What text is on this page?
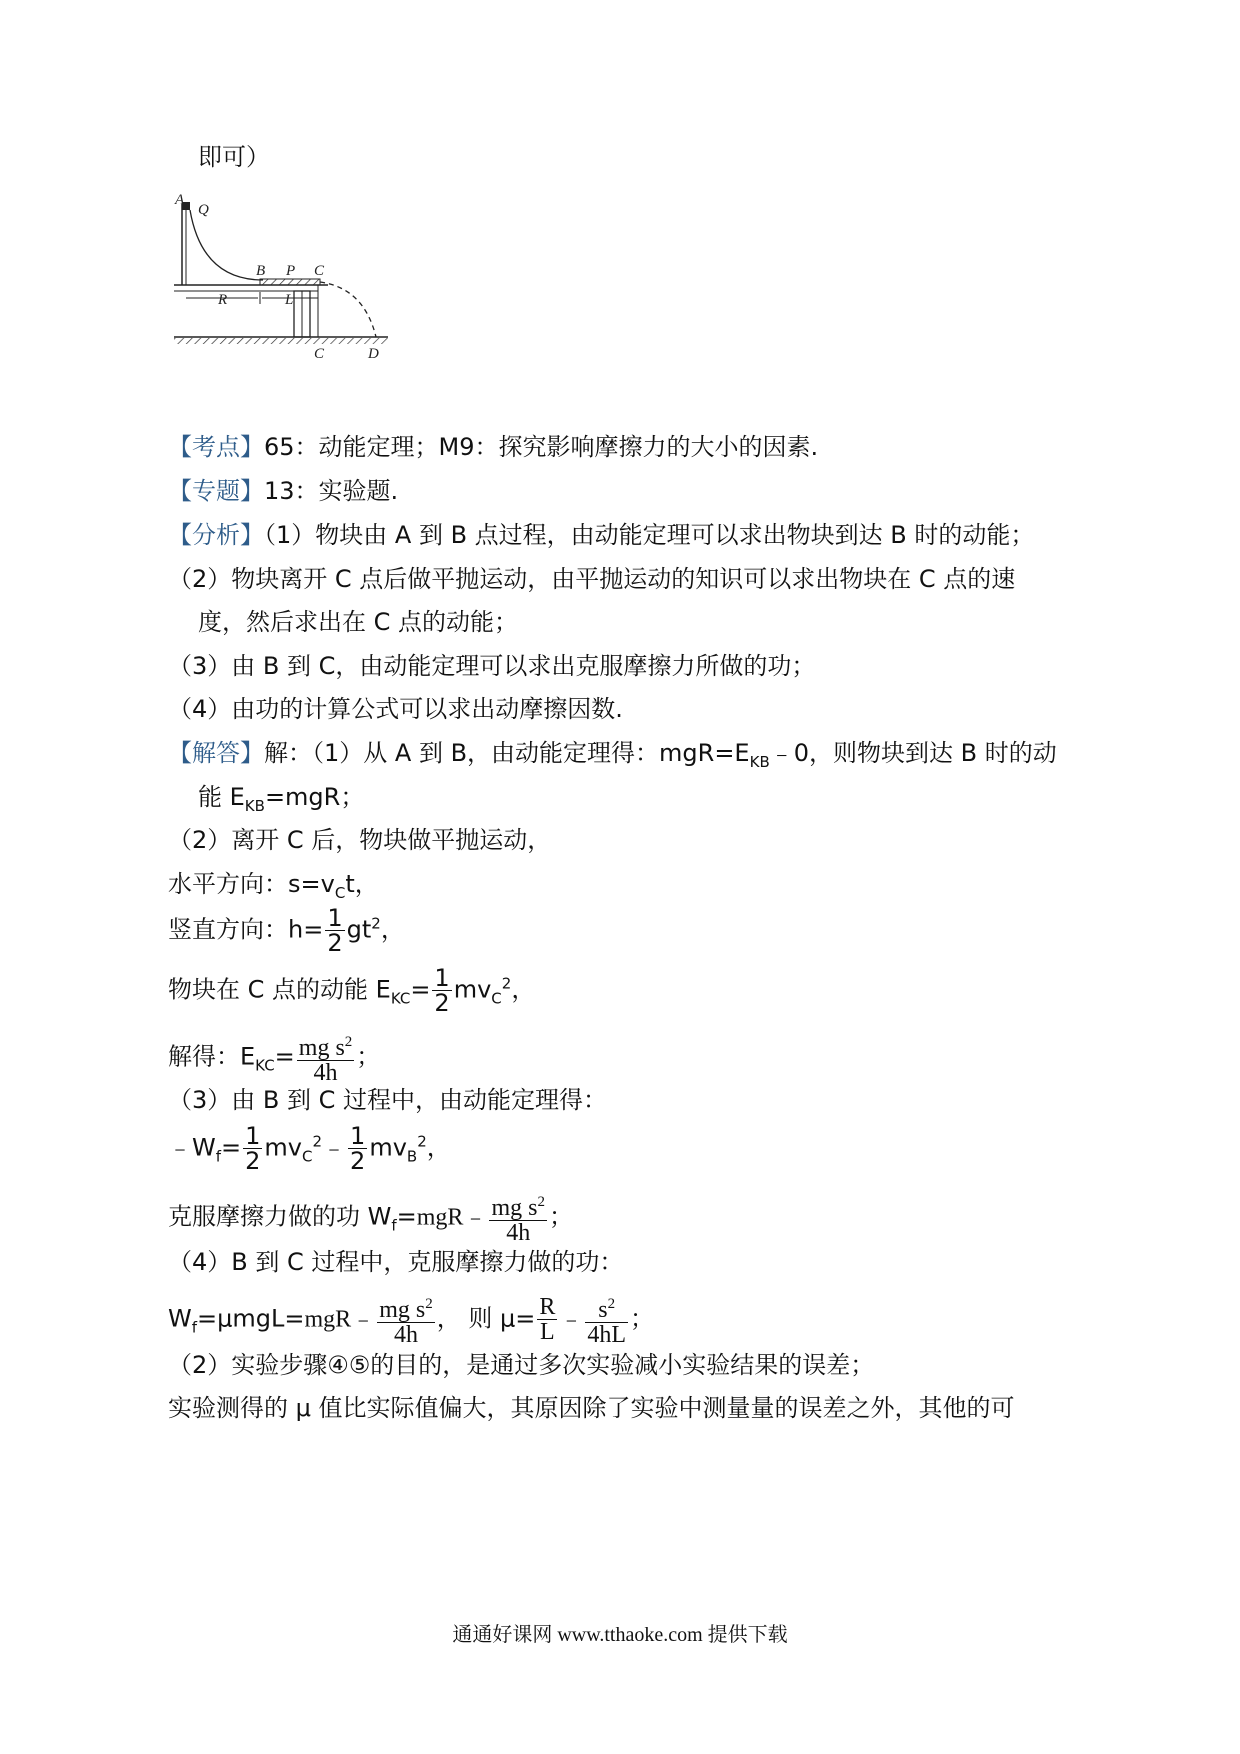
即可）
A
Q
B P C
R	L
C	D
【考点】65：动能定理；M9：探究影响摩擦力的大小的因素.
【专题】13：实验题.
【分析】（1）物块由 A 到 B 点过程，由动能定理可以求出物块到达 B 时的动能；
（2）物块离开 C 点后做平抛运动，由平抛运动的知识可以求出物块在 C 点的速
度，然后求出在 C 点的动能；
（3）由 B 到 C，由动能定理可以求出克服摩擦力所做的功；
（4）由功的计算公式可以求出动摩擦因数.
【解答】解：（1）从 A 到 B，由动能定理得：$mgR=E_{KB}﹣0$，则物块到达 B 时的动
能 $E_{KB}=mgR$；
（2）离开 C 后，物块做平抛运动，
水平方向：$s=v_Ct$，
竖直方向：$h= \frac{1}{2} gt^2$，
物块在 C 点的动能 $E_{KC}= \frac{1}{2} mv_C^2$，
解得：$E_{KC}= \frac{mg s^2}{4h}$ ；
（3）由 B 到 C 过程中，由动能定理得：
$﹣W_f= \frac{1}{2}$ $mv_C^2﹣ \frac{1}{2} mv_B^2$，
克服摩擦力做的功 $W_f=mgR﹣ \frac{mg s^2}{4h}$ ；
（4）B 到 C 过程中，克服摩擦力做的功：
$W_f=\mu mgL=mgR﹣ \frac{mg s^2}{4h}$ ， 则 $\mu= \frac{R}{L}$ ﹣ $\frac{s^2}{4hL}$ ；
（2）实验步骤④⑤的目的，是通过多次实验减小实验结果的误差；
实验测得的 μ 值比实际值偏大，其原因除了实验中测量量的误差之外，其他的可
通通好课网 www.tthaoke.com 提供下载
